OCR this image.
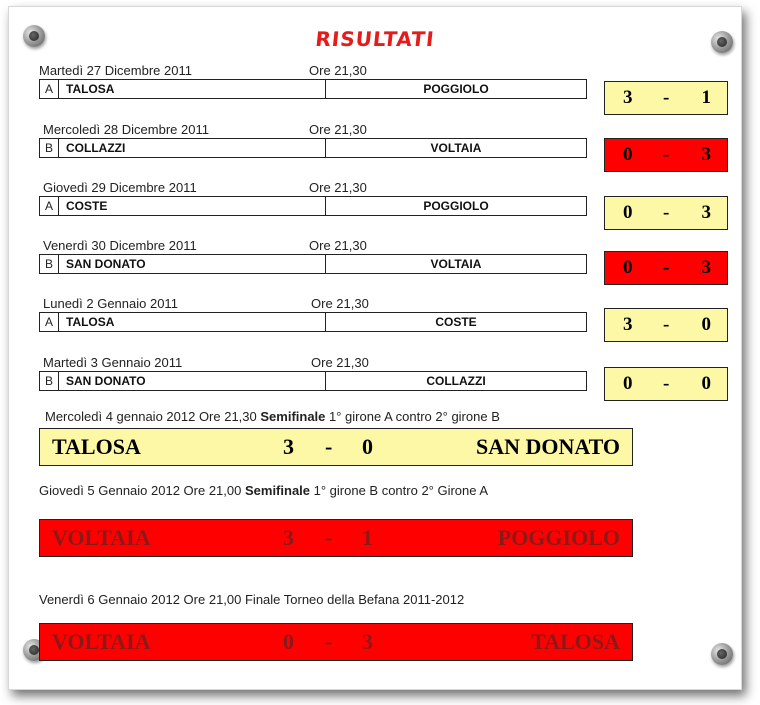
RISULTATI
Martedì 27 Dicembre 2011	Ore 21,30
A	TALOSA	POGGIOLO	3 - 1
Mercoledì 28 Dicembre 2011	Ore 21,30
B	COLLAZZI	VOLTAIA	0 - 3
Giovedì 29 Dicembre 2011	Ore 21,30
A	COSTE	POGGIOLO	0 - 3
Venerdì 30 Dicembre 2011	Ore 21,30
B	SAN DONATO	VOLTAIA	0 - 3
Lunedì 2 Gennaio 2011	Ore 21,30
A	TALOSA	COSTE	3 - 0
Martedì 3 Gennaio 2011	Ore 21,30
B	SAN DONATO	COLLAZZI	0 - 0
Mercoledì 4 gennaio 2012 Ore 21,30 Semifinale 1° girone A contro 2° girone B
TALOSA	3 - 0	SAN DONATO
Giovedì 5 Gennaio 2012 Ore 21,00 Semifinale 1° girone B contro 2° Girone A
VOLTAIA	3 - 1	POGGIOLO
Venerdì 6 Gennaio 2012 Ore 21,00 Finale Torneo della Befana 2011-2012
VOLTAIA	0 - 3	TALOSA
